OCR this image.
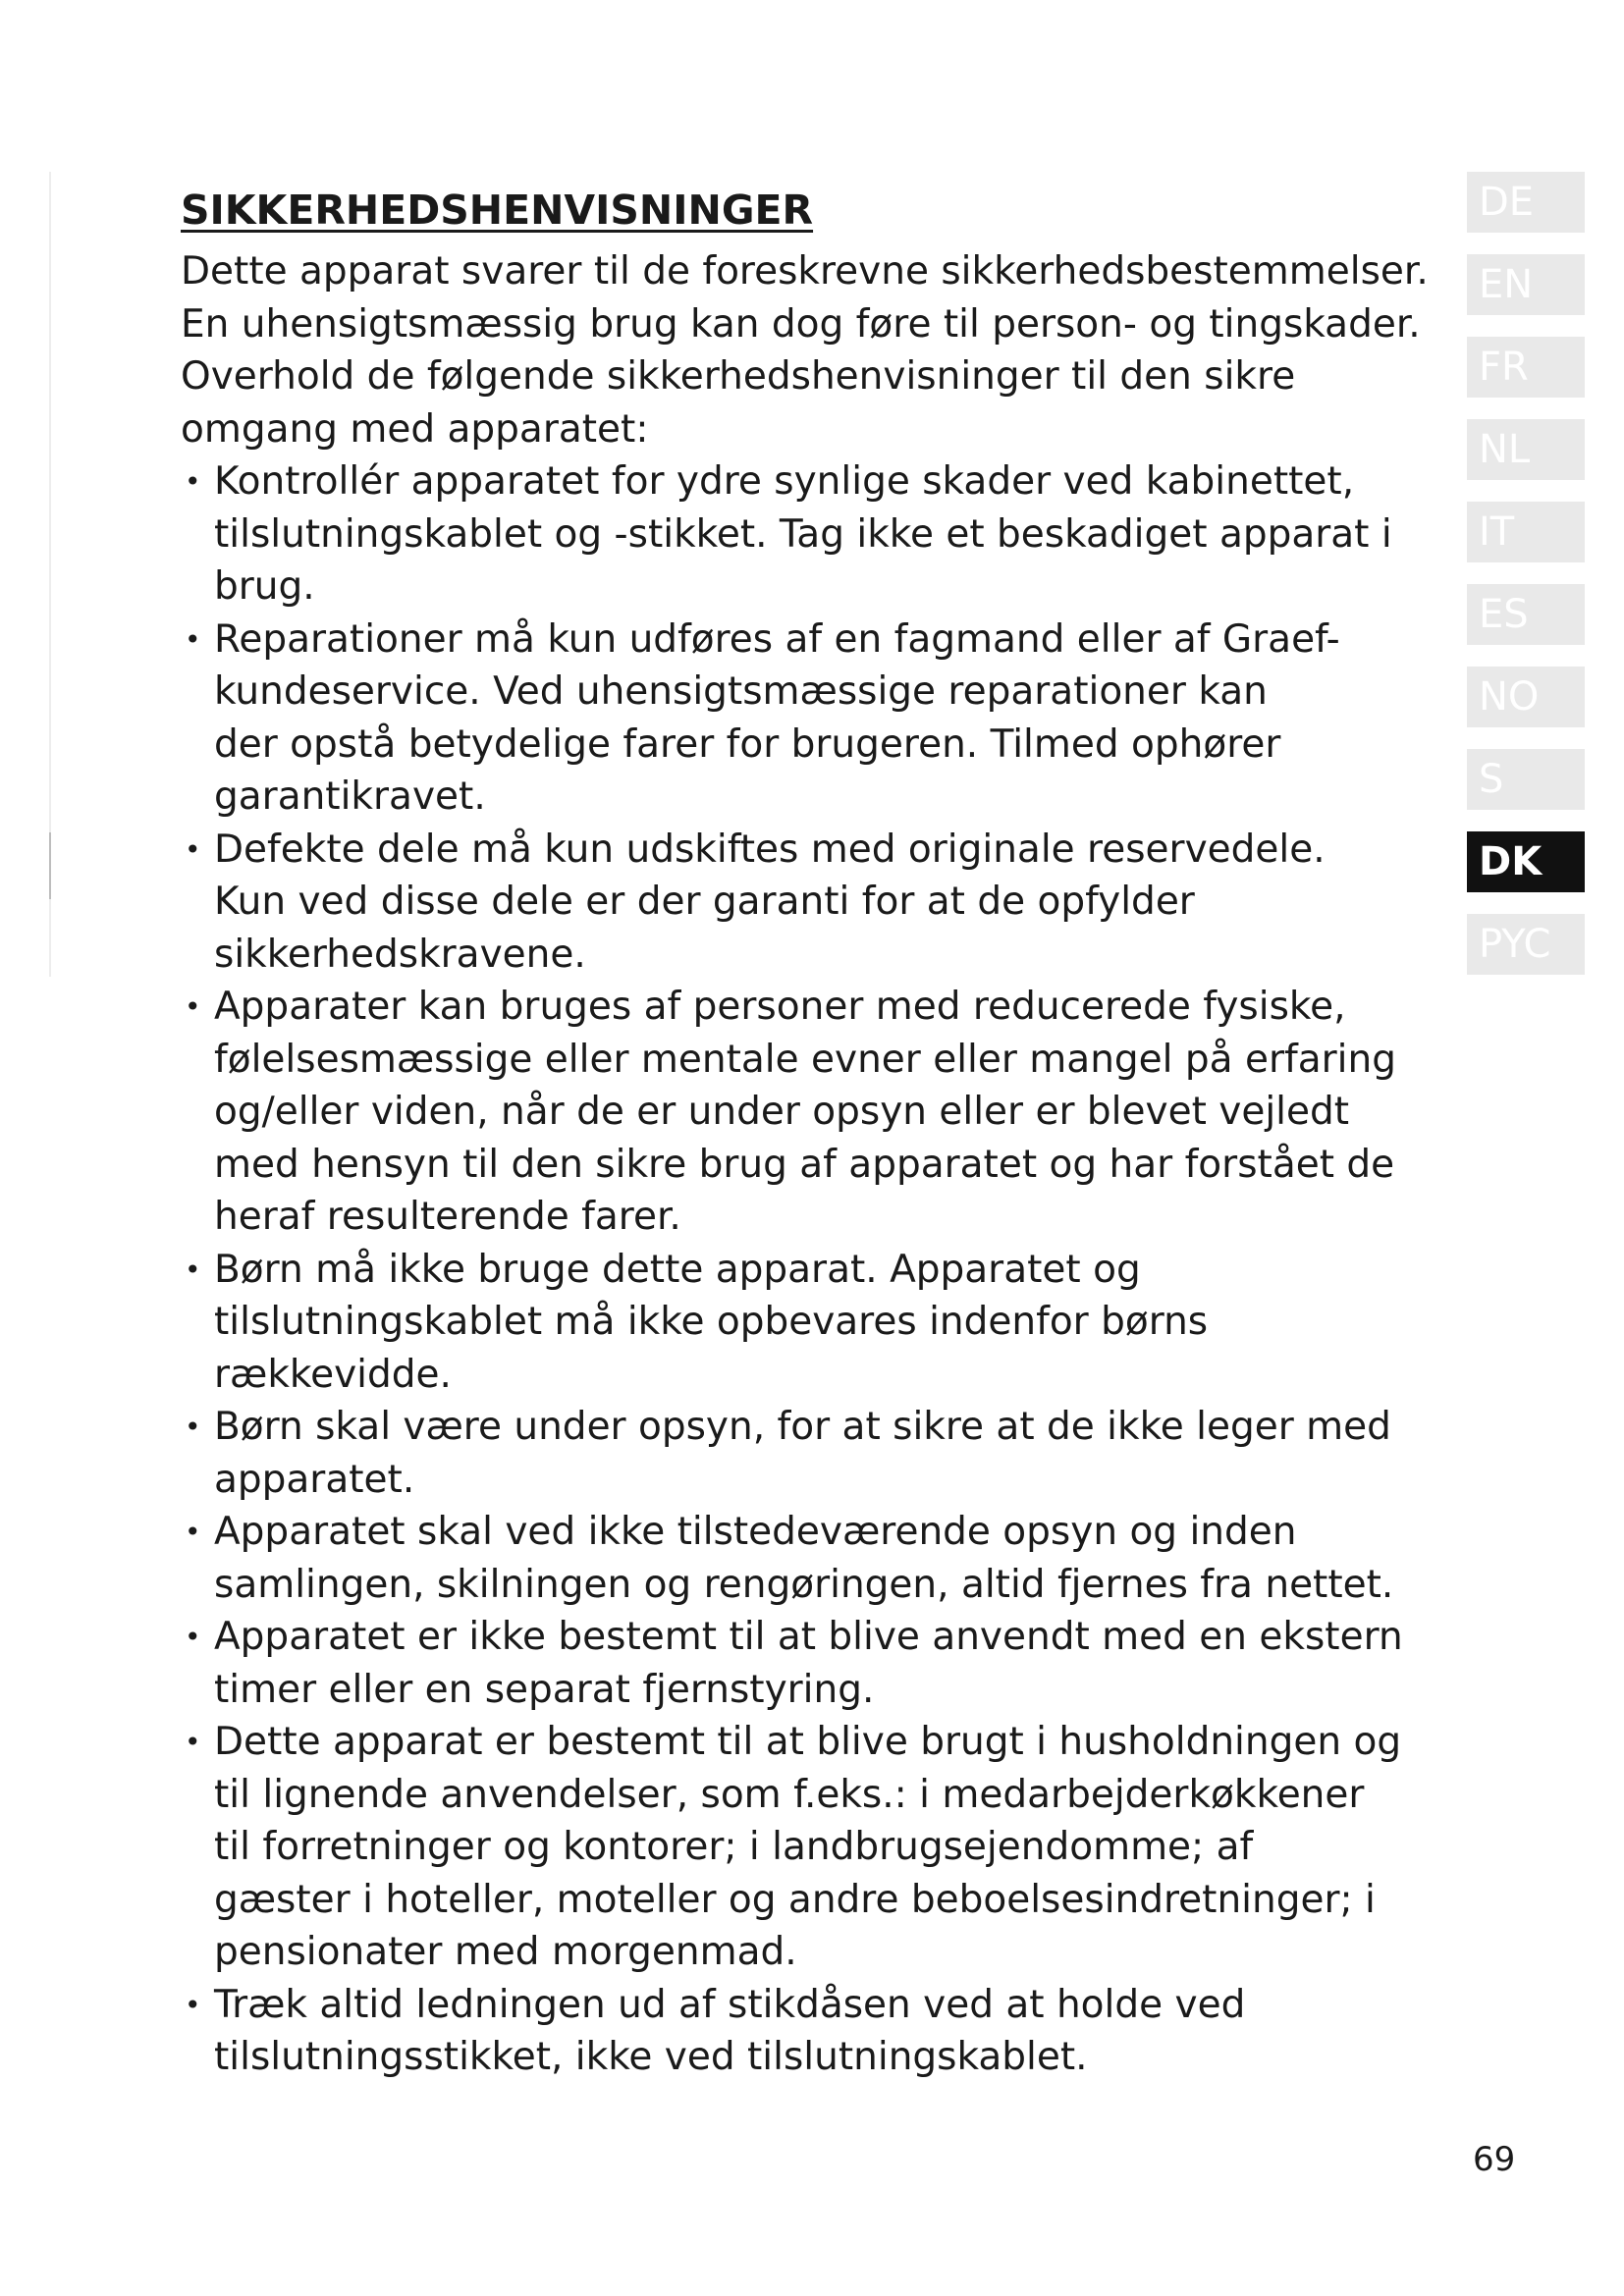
SIKKERHEDSHENVISNINGER

Dette apparat svarer til de foreskrevne sikkerhedsbestemmelser.
En uhensigtsmæssig brug kan dog føre til person- og tingskader.
Overhold de følgende sikkerhedshenvisninger til den sikre
omgang med apparatet:

• Kontrollér apparatet for ydre synlige skader ved kabinettet,
tilslutningskablet og -stikket. Tag ikke et beskadiget apparat i
brug.
• Reparationer må kun udføres af en fagmand eller af Graef-
kundeservice. Ved uhensigtsmæssige reparationer kan
der opstå betydelige farer for brugeren. Tilmed ophører
garantikravet.
• Defekte dele må kun udskiftes med originale reservedele.
Kun ved disse dele er der garanti for at de opfylder
sikkerhedskravene.
• Apparater kan bruges af personer med reducerede fysiske,
følelsesmæssige eller mentale evner eller mangel på erfaring
og/eller viden, når de er under opsyn eller er blevet vejledt
med hensyn til den sikre brug af apparatet og har forstået de
heraf resulterende farer.
• Børn må ikke bruge dette apparat. Apparatet og
tilslutningskablet må ikke opbevares indenfor børns
rækkevidde.
• Børn skal være under opsyn, for at sikre at de ikke leger med
apparatet.
• Apparatet skal ved ikke tilstedeværende opsyn og inden
samlingen, skilningen og rengøringen, altid fjernes fra nettet.
• Apparatet er ikke bestemt til at blive anvendt med en ekstern
timer eller en separat fjernstyring.
• Dette apparat er bestemt til at blive brugt i husholdningen og
til lignende anvendelser, som f.eks.: i medarbejderkøkkener
til forretninger og kontorer; i landbrugsejendomme; af
gæster i hoteller, moteller og andre beboelsesindretninger; i
pensionater med morgenmad.
• Træk altid ledningen ud af stikdåsen ved at holde ved
tilslutningsstikket, ikke ved tilslutningskablet.
DE
EN
FR
NL
IT
ES
NO
S
DK
PYC
69
